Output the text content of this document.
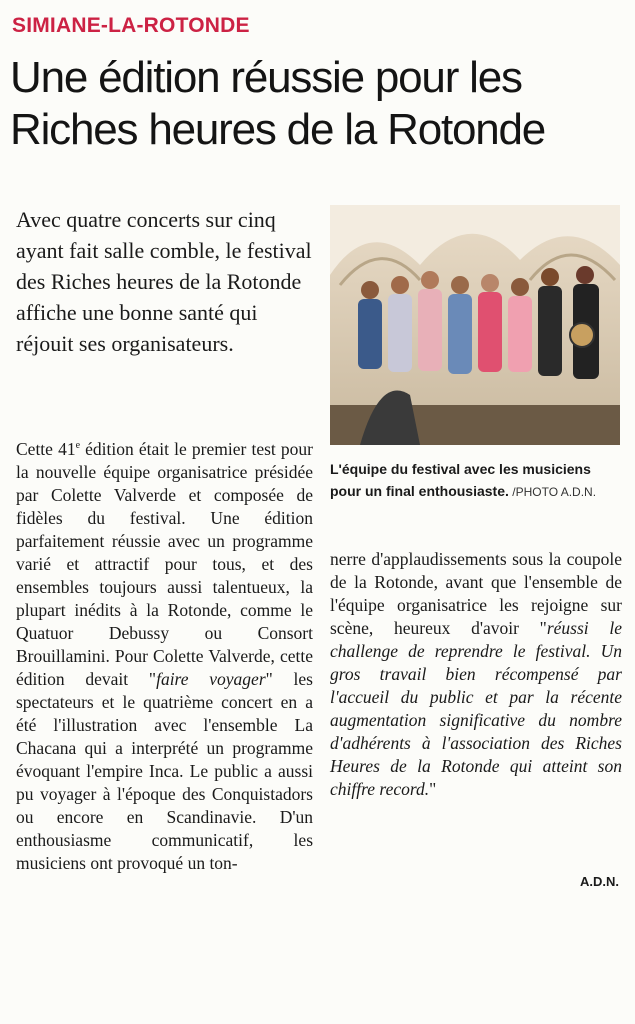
SIMIANE-LA-ROTONDE
Une édition réussie pour les Riches heures de la Rotonde
Avec quatre concerts sur cinq ayant fait salle comble, le festival des Riches heures de la Rotonde affiche une bonne santé qui réjouit ses organisateurs.
L'équipe du festival avec les musiciens pour un final enthousiaste. /PHOTO A.D.N.

Cette 41e édition était le premier test pour la nouvelle équipe organisatrice présidée par Colette Valverde et composée de fidèles du festival. Une édition parfaitement réussie avec un programme varié et attractif pour tous, et des ensembles toujours aussi talentueux, la plupart inédits à la Rotonde, comme le Quatuor Debussy ou Consort Brouillamini. Pour Colette Valverde, cette édition devait "faire voyager" les spectateurs et le quatrième concert en a été l'illustration avec l'ensemble La Chacana qui a interprété un programme évoquant l'empire Inca. Le public a aussi pu voyager à l'époque des Conquistadors ou encore en Scandinavie. D'un enthousiasme communicatif, les musiciens ont provoqué un ton-

nerre d'applaudissements sous la coupole de la Rotonde, avant que l'ensemble de l'équipe organisatrice les rejoigne sur scène, heureux d'avoir "réussi le challenge de reprendre le festival. Un gros travail bien récompensé par l'accueil du public et par la récente augmentation significative du nombre d'adhérents à l'association des Riches Heures de la Rotonde qui atteint son chiffre record."

A.D.N.
